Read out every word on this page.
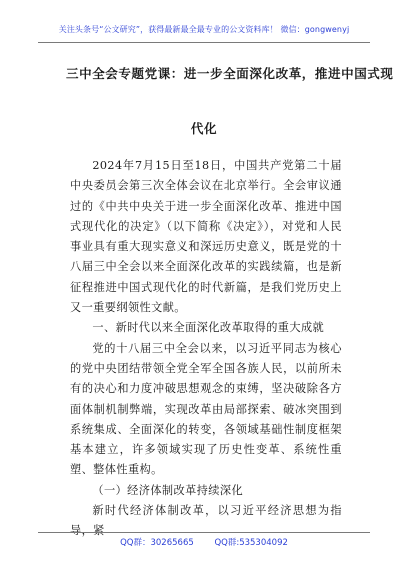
关注头条号“公文研究”，获得最新最全最专业的公文资料库！ 微信：gongwenyj
三中全会专题党课：进一步全面深化改革，推进中国式现
代化

2024年7月15日至18日，中国共产党第二十届中央委员会第三次全体会议在北京举行。全会审议通过的《中共中央关于进一步全面深化改革、推进中国式现代化的决定》（以下简称《决定》），对党和人民事业具有重大现实意义和深远历史意义，既是党的十八届三中全会以来全面深化改革的实践续篇，也是新征程推进中国式现代化的时代新篇，是我们党历史上又一重要纲领性文献。

一、新时代以来全面深化改革取得的重大成就

党的十八届三中全会以来，以习近平同志为核心的党中央团结带领全党全军全国各族人民，以前所未有的决心和力度冲破思想观念的束缚，坚决破除各方面体制机制弊端，实现改革由局部探索、破冰突围到系统集成、全面深化的转变，各领域基础性制度框架基本建立，许多领域实现了历史性变革、系统性重塑、整体性重构。

（一）经济体制改革持续深化

新时代经济体制改革，以习近平经济思想为指导，紧

QQ群：30265665 QQ群:535304092
